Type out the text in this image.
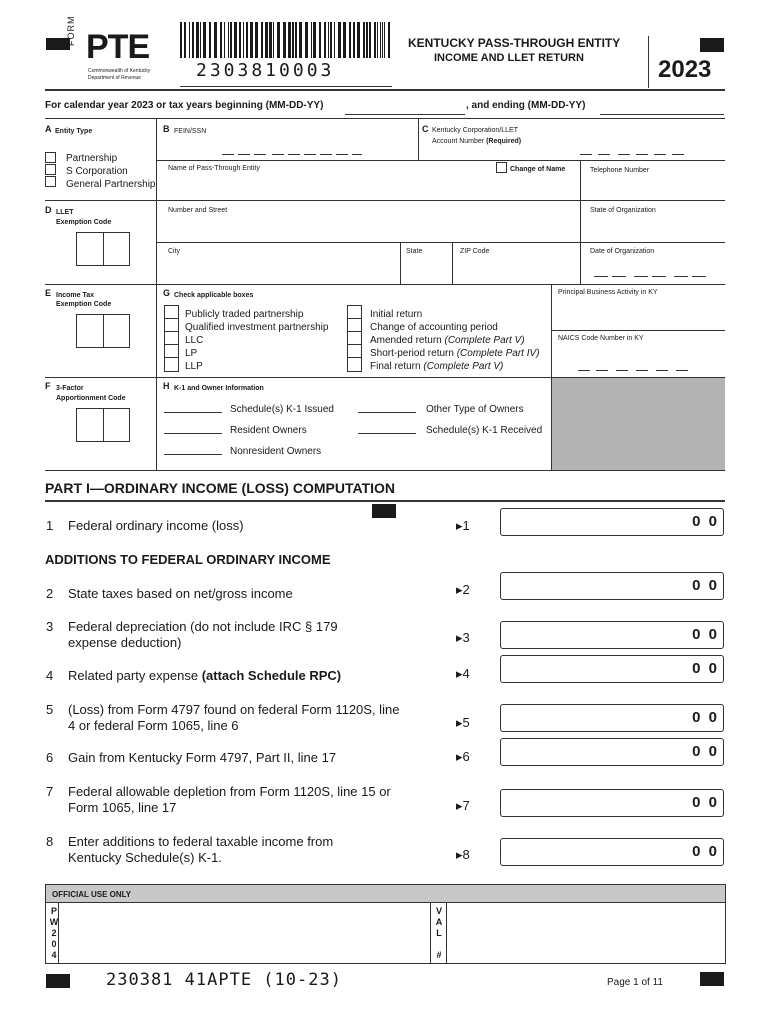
FORM PTE
Commonwealth of Kentucky
Department of Revenue	2303810003
KENTUCKY PASS-THROUGH ENTITY
INCOME AND LLET RETURN	2023
For calendar year 2023 or tax years beginning (MM-DD-YY)	, and ending (MM-DD-YY)
A Entity Type
Partnership
S Corporation
General Partnership
B FEIN/SSN	C Kentucky Corporation/LLET
Account Number (Required)
Name of Pass-Through Entity	Change of Name	Telephone Number
D LLET
Exemption Code
Number and Street	State of Organization
City	State	ZIP Code	Date of Organization
E Income Tax
Exemption Code
G Check applicable boxes
Publicly traded partnership
Qualified investment partnership
LLC
LP
LLP
Initial return
Change of accounting period
Amended return (Complete Part V)
Short-period return (Complete Part IV)
Final return (Complete Part V)
Principal Business Activity in KY
NAICS Code Number in KY
F 3-Factor
Apportionment Code
H K-1 and Owner Information
Schedule(s) K-1 Issued	Other Type of Owners
Resident Owners	Schedule(s) K-1 Received
Nonresident Owners
PART I—ORDINARY INCOME (LOSS) COMPUTATION
1 Federal ordinary income (loss)	▸1	0 0
ADDITIONS TO FEDERAL ORDINARY INCOME
2 State taxes based on net/gross income	▸2	0 0
3 Federal depreciation (do not include IRC § 179 expense deduction)	▸3	0 0
4 Related party expense (attach Schedule RPC)	▸4	0 0
5 (Loss) from Form 4797 found on federal Form 1120S, line 4 or federal Form 1065, line 6	▸5	0 0
6 Gain from Kentucky Form 4797, Part II, line 17	▸6	0 0
7 Federal allowable depletion from Form 1120S, line 15 or Form 1065, line 17	▸7	0 0
8 Enter additions to federal taxable income from Kentucky Schedule(s) K-1.	▸8	0 0
OFFICIAL USE ONLY
P
W
2
0
4
V
A
L
#
230381 41APTE (10-23)	Page 1 of 11
